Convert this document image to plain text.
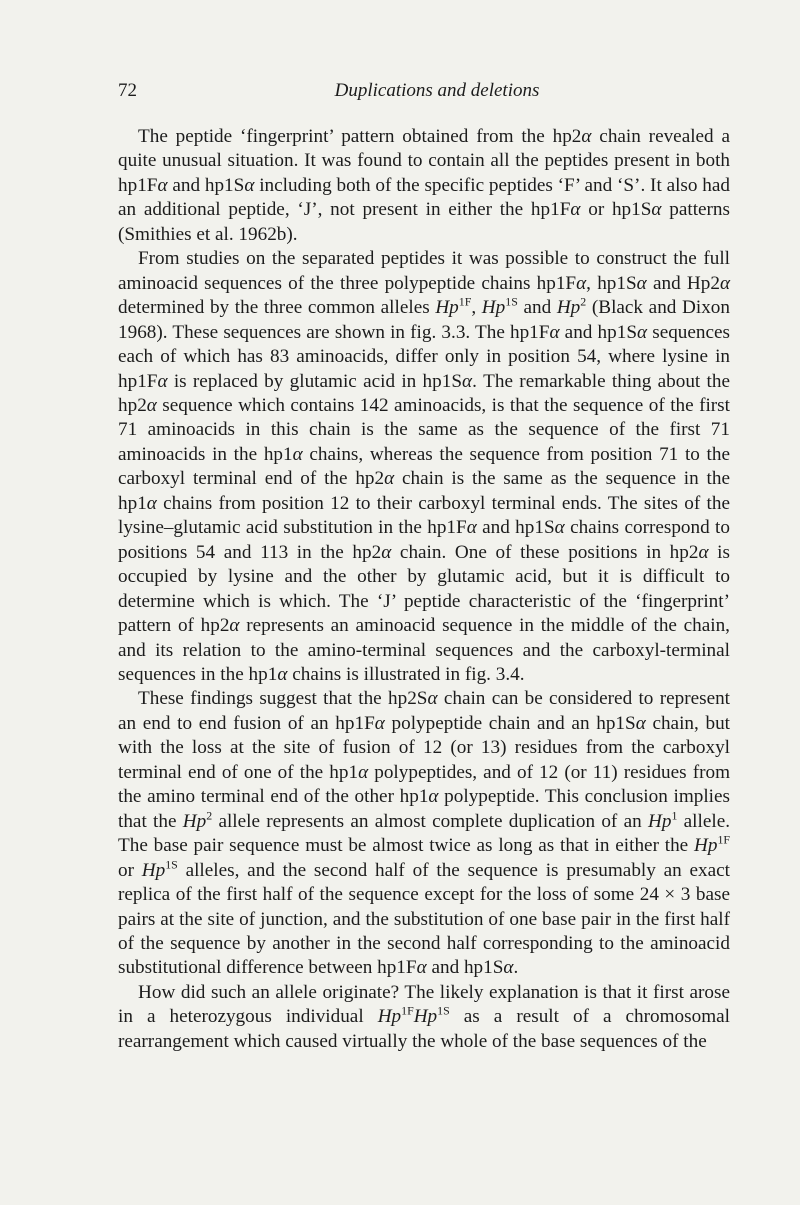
72	Duplications and deletions

The peptide ‘fingerprint’ pattern obtained from the hp2α chain revealed a quite unusual situation. It was found to contain all the peptides present in both hp1Fα and hp1Sα including both of the specific peptides ‘F’ and ‘S’. It also had an additional peptide, ‘J’, not present in either the hp1Fα or hp1Sα patterns (Smithies et al. 1962b).

From studies on the separated peptides it was possible to construct the full aminoacid sequences of the three polypeptide chains hp1Fα, hp1Sα and Hp2α determined by the three common alleles $Hp^{1F}$, $Hp^{1S}$ and Hp$^2$ (Black and Dixon 1968). These sequences are shown in fig. 3.3. The hp1Fα and hp1Sα sequences each of which has 83 aminoacids, differ only in position 54, where lysine in hp1Fα is replaced by glutamic acid in hp1Sα. The remarkable thing about the hp2α sequence which contains 142 aminoacids, is that the sequence of the first 71 aminoacids in this chain is the same as the sequence of the first 71 aminoacids in the hp1α chains, whereas the sequence from position 71 to the carboxyl terminal end of the hp2α chain is the same as the sequence in the hp1α chains from position 12 to their carboxyl terminal ends. The sites of the lysine–glutamic acid substitution in the hp1Fα and hp1Sα chains correspond to positions 54 and 113 in the hp2α chain. One of these positions in hp2α is occupied by lysine and the other by glutamic acid, but it is difficult to determine which is which. The ‘J’ peptide characteristic of the ‘fingerprint’ pattern of hp2α represents an aminoacid sequence in the middle of the chain, and its relation to the amino-terminal sequences and the carboxyl-terminal sequences in the hp1α chains is illustrated in fig. 3.4.

These findings suggest that the hp2Sα chain can be considered to represent an end to end fusion of an hp1Fα polypeptide chain and an hp1Sα chain, but with the loss at the site of fusion of 12 (or 13) residues from the carboxyl terminal end of one of the hp1α polypeptides, and of 12 (or 11) residues from the amino terminal end of the other hp1α polypeptide. This conclusion implies that the Hp$^2$ allele represents an almost complete duplication of an Hp$^1$ allele. The base pair sequence must be almost twice as long as that in either the $Hp^{1F}$ or $Hp^{1S}$ alleles, and the second half of the sequence is presumably an exact replica of the first half of the sequence except for the loss of some 24 × 3 base pairs at the site of junction, and the substitution of one base pair in the first half of the sequence by another in the second half corresponding to the aminoacid substitutional difference between hp1Fα and hp1Sα.

How did such an allele originate? The likely explanation is that it first arose in a heterozygous individual $Hp^{1F}Hp^{1S}$ as a result of a chromosomal rearrangement which caused virtually the whole of the base sequences of the
